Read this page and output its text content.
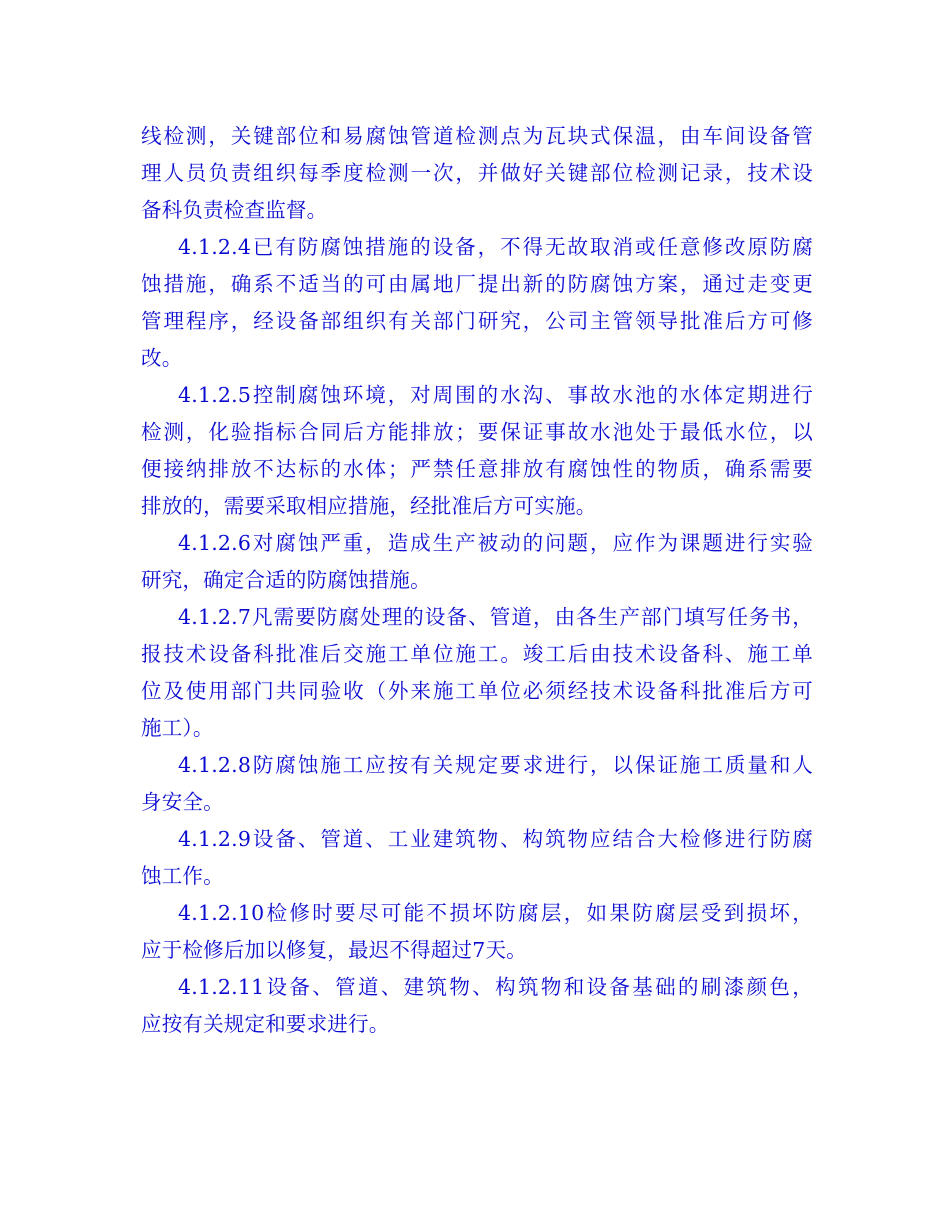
线检测，关键部位和易腐蚀管道检测点为瓦块式保温，由车间设备管
理人员负责组织每季度检测一次，并做好关键部位检测记录，技术设
备科负责检查监督。
4.1.2.4已有防腐蚀措施的设备，不得无故取消或任意修改原防腐
蚀措施，确系不适当的可由属地厂提出新的防腐蚀方案，通过走变更
管理程序，经设备部组织有关部门研究，公司主管领导批准后方可修
改。
4.1.2.5控制腐蚀环境，对周围的水沟、事故水池的水体定期进行
检测，化验指标合同后方能排放；要保证事故水池处于最低水位，以
便接纳排放不达标的水体；严禁任意排放有腐蚀性的物质，确系需要
排放的，需要采取相应措施，经批准后方可实施。
4.1.2.6对腐蚀严重，造成生产被动的问题，应作为课题进行实验
研究，确定合适的防腐蚀措施。
4.1.2.7凡需要防腐处理的设备、管道，由各生产部门填写任务书，
报技术设备科批准后交施工单位施工。竣工后由技术设备科、施工单
位及使用部门共同验收（外来施工单位必须经技术设备科批准后方可
施工）。
4.1.2.8防腐蚀施工应按有关规定要求进行，以保证施工质量和人
身安全。
4.1.2.9设备、管道、工业建筑物、构筑物应结合大检修进行防腐
蚀工作。
4.1.2.10检修时要尽可能不损坏防腐层，如果防腐层受到损坏，
应于检修后加以修复，最迟不得超过7天。
4.1.2.11设备、管道、建筑物、构筑物和设备基础的刷漆颜色，
应按有关规定和要求进行。
